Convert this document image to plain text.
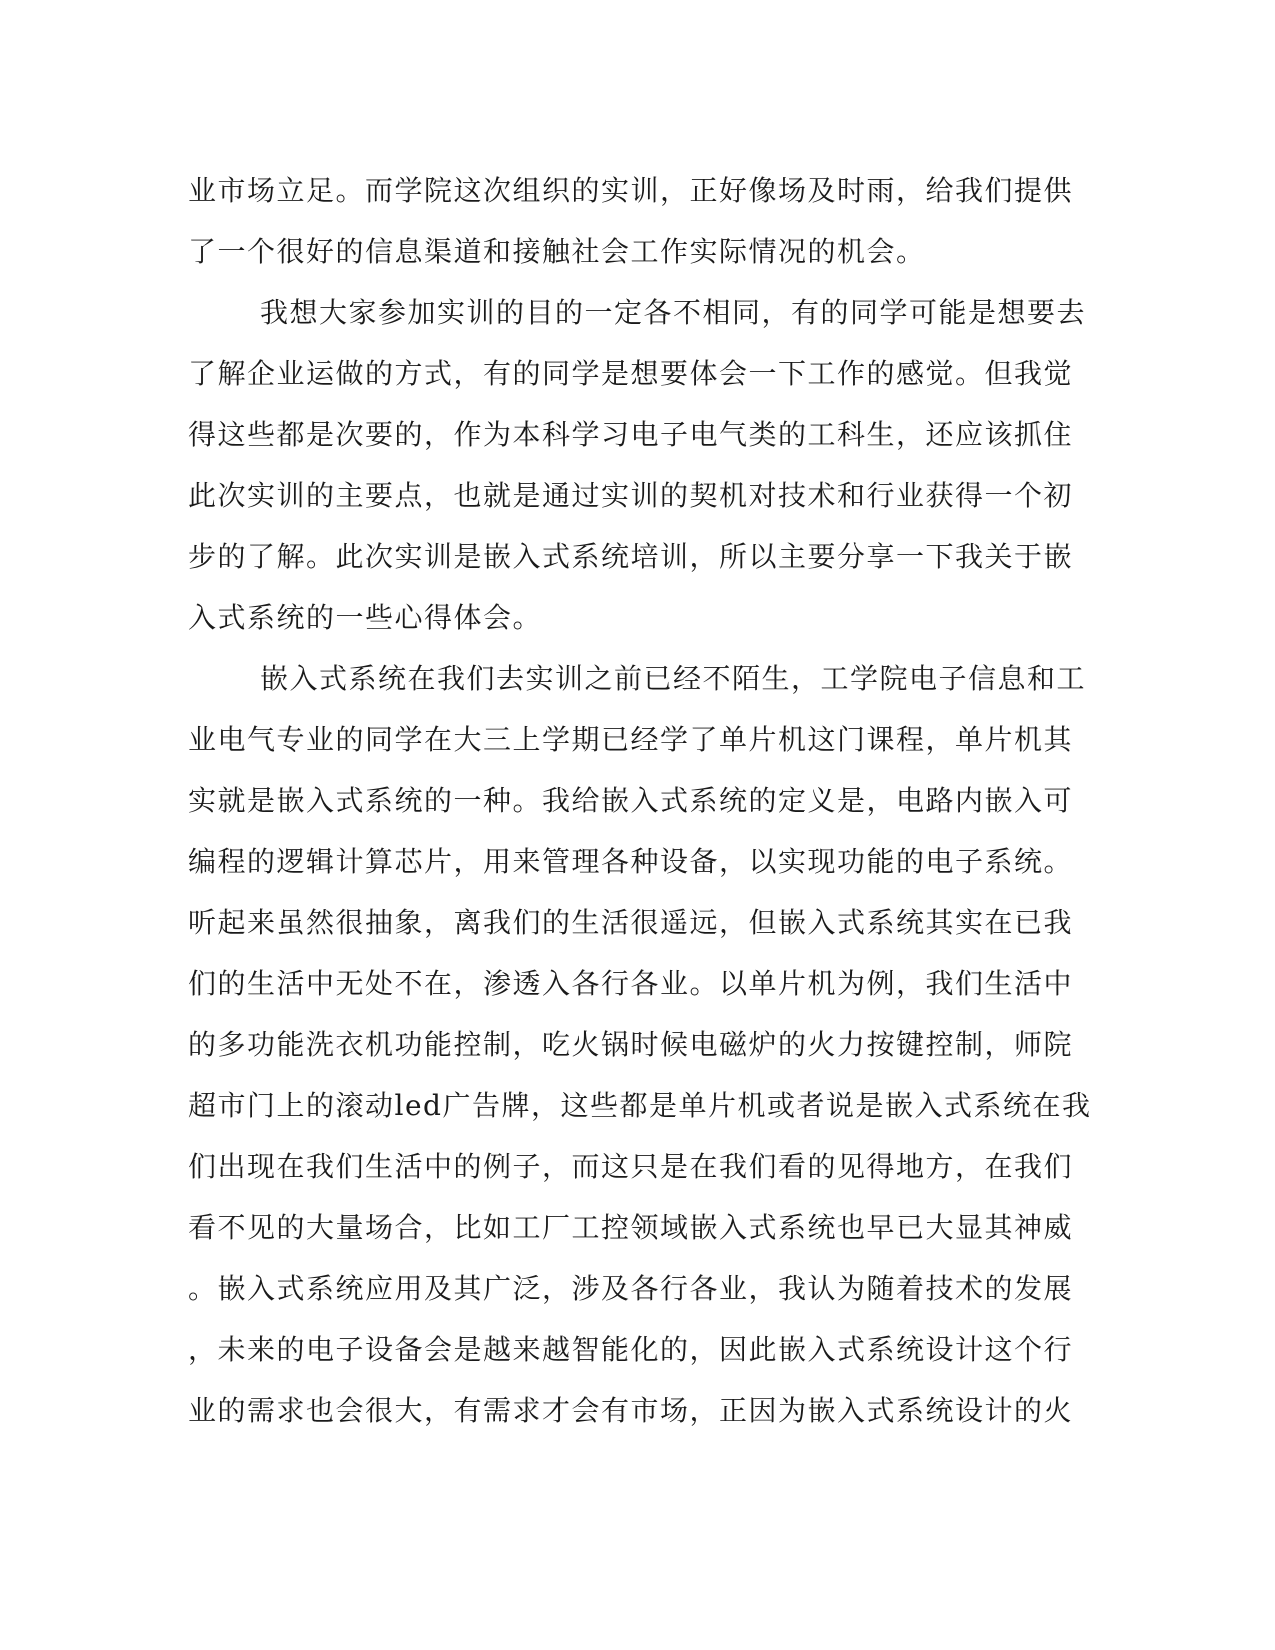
业市场立足。而学院这次组织的实训，正好像场及时雨，给我们提供
了一个很好的信息渠道和接触社会工作实际情况的机会。
我想大家参加实训的目的一定各不相同，有的同学可能是想要去
了解企业运做的方式，有的同学是想要体会一下工作的感觉。但我觉
得这些都是次要的，作为本科学习电子电气类的工科生，还应该抓住
此次实训的主要点，也就是通过实训的契机对技术和行业获得一个初
步的了解。此次实训是嵌入式系统培训，所以主要分享一下我关于嵌
入式系统的一些心得体会。
嵌入式系统在我们去实训之前已经不陌生，工学院电子信息和工
业电气专业的同学在大三上学期已经学了单片机这门课程，单片机其
实就是嵌入式系统的一种。我给嵌入式系统的定义是，电路内嵌入可
编程的逻辑计算芯片，用来管理各种设备，以实现功能的电子系统。
听起来虽然很抽象，离我们的生活很遥远，但嵌入式系统其实在已我
们的生活中无处不在，渗透入各行各业。以单片机为例，我们生活中
的多功能洗衣机功能控制，吃火锅时候电磁炉的火力按键控制，师院
超市门上的滚动led广告牌，这些都是单片机或者说是嵌入式系统在我
们出现在我们生活中的例子，而这只是在我们看的见得地方，在我们
看不见的大量场合，比如工厂工控领域嵌入式系统也早已大显其神威
。嵌入式系统应用及其广泛，涉及各行各业，我认为随着技术的发展
，未来的电子设备会是越来越智能化的，因此嵌入式系统设计这个行
业的需求也会很大，有需求才会有市场，正因为嵌入式系统设计的火
